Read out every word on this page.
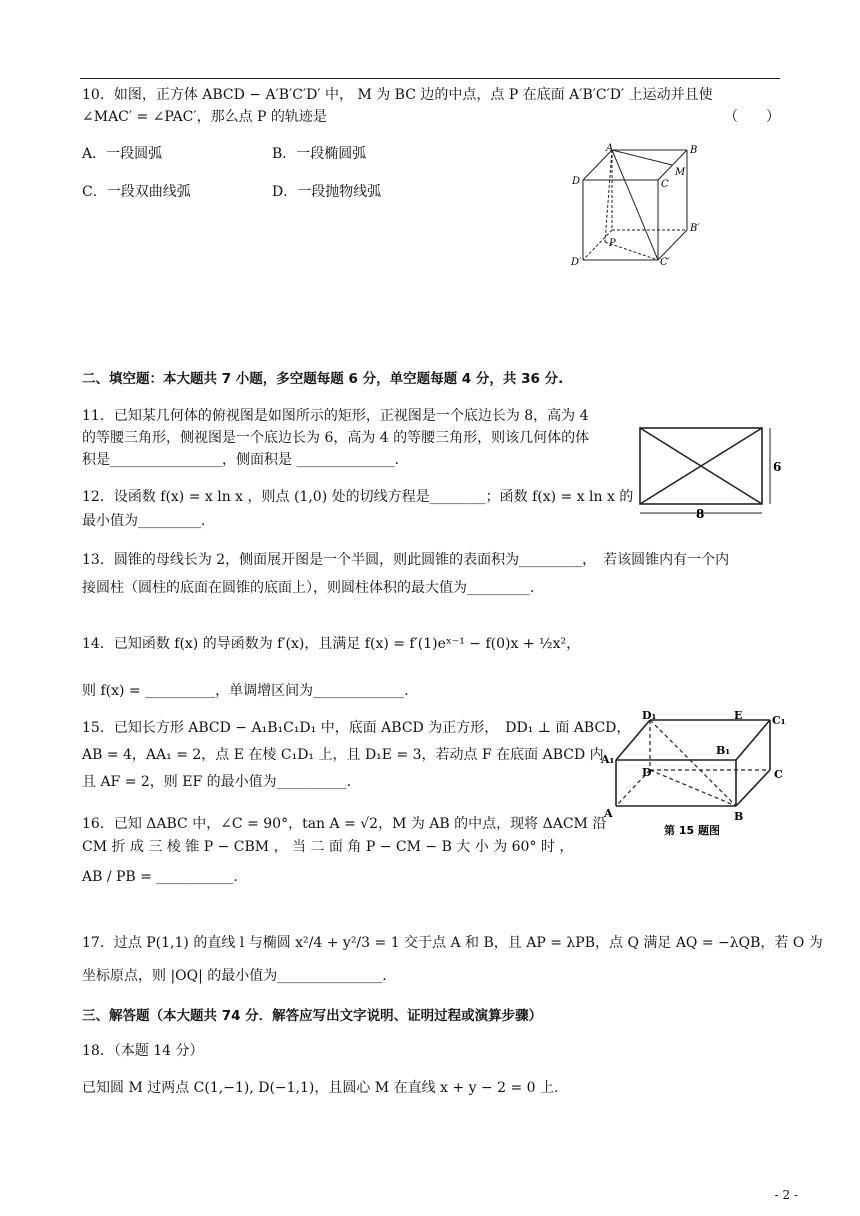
10．如图，正方体 ABCD − A′B′C′D′ 中， M 为 BC 边的中点，点 P 在底面 A′B′C′D′ 上运动并且使
∠MAC′ = ∠PAC′，那么点 P 的轨迹是	（　　）
A．一段圆弧	B．一段椭圆弧
C．一段双曲线弧	D．一段抛物线弧
A	B
D	C
M
B′
P
D′	C′
二、填空题：本大题共 7 小题，多空题每题 6 分，单空题每题 4 分，共 36 分.
11．已知某几何体的俯视图是如图所示的矩形，正视图是一个底边长为 8，高为 4
的等腰三角形，侧视图是一个底边长为 6，高为 4 的等腰三角形，则该几何体的体
积是________________，侧面积是 ______________.
8
6
12．设函数 f(x) = x ln x ，则点 (1,0) 处的切线方程是________；函数 f(x) = x ln x 的
最小值为_________.
13．圆锥的母线长为 2，侧面展开图是一个半圆，则此圆锥的表面积为_________，　若该圆锥内有一个内
接圆柱（圆柱的底面在圆锥的底面上），则圆柱体积的最大值为_________.
14．已知函数 f(x) 的导函数为 f′(x)，且满足 f(x) = f′(1)eˣ⁻¹ − f(0)x + ½x²，
则 f(x) = __________，单调增区间为_____________.
15．已知长方形 ABCD − A₁B₁C₁D₁ 中，底面 ABCD 为正方形，　DD₁ ⊥ 面 ABCD，
AB = 4，AA₁ = 2，点 E 在棱 C₁D₁ 上，且 D₁E = 3，若动点 F 在底面 ABCD 内
且 AF = 2，则 EF 的最小值为__________.
D₁	E	C₁
B₁
A₁
D	C
A	B
第 15 题图
16．已知 ΔABC 中，∠C = 90°，tan A = √2，M 为 AB 的中点，现将 ΔACM 沿
CM 折 成 三 棱 锥 P − CBM ， 当 二 面 角 P − CM − B 大 小 为 60° 时 ，
AB / PB = ___________.
17．过点 P(1,1) 的直线 l 与椭圆 x²/4 + y²/3 = 1 交于点 A 和 B，且 AP = λPB，点 Q 满足 AQ = −λQB，若 O 为
坐标原点，则 |OQ| 的最小值为_______________.
三、解答题（本大题共 74 分．解答应写出文字说明、证明过程或演算步骤）
18．（本题 14 分）
已知圆 M 过两点 C(1,−1), D(−1,1)，且圆心 M 在直线 x + y − 2 = 0 上.
- 2 -
